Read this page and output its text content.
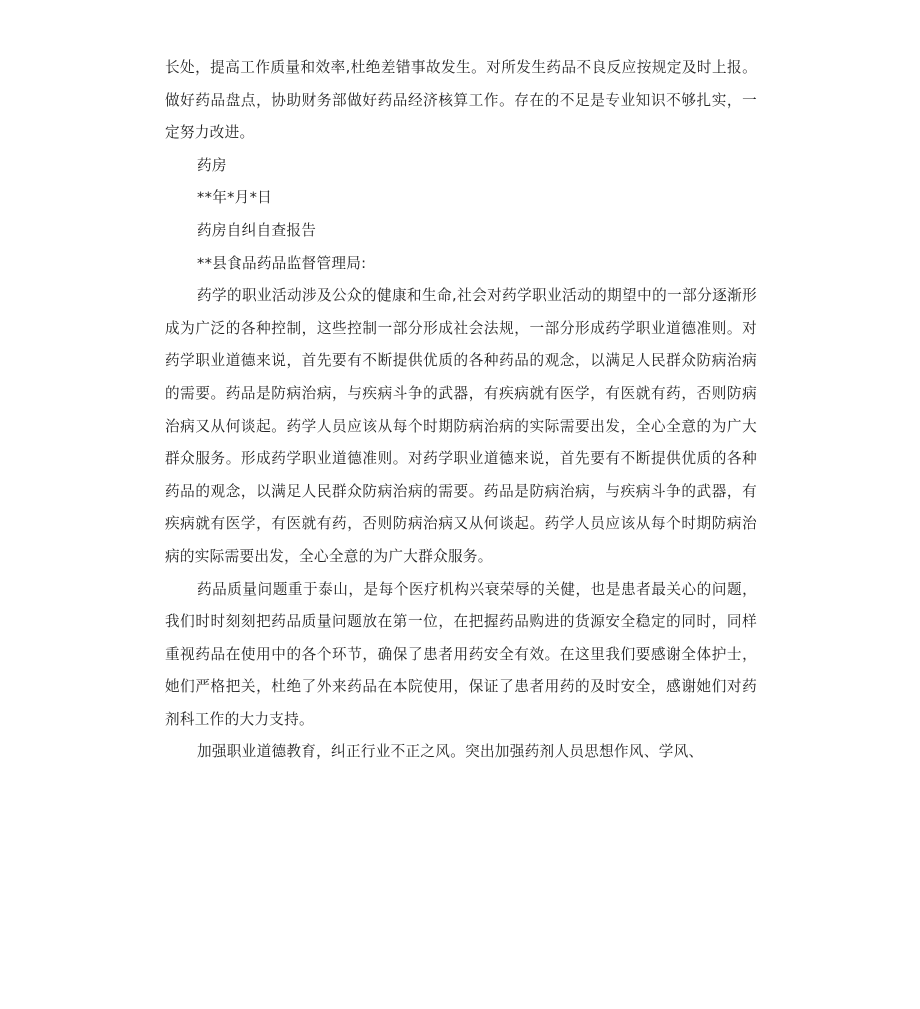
长处，提高工作质量和效率,杜绝差错事故发生。对所发生药品不良反应按规定及时上报。做好药品盘点，协助财务部做好药品经济核算工作。存在的不足是专业知识不够扎实，一定努力改进。

药房

**年*月*日

药房自纠自查报告

**县食品药品监督管理局:

药学的职业活动涉及公众的健康和生命,社会对药学职业活动的期望中的一部分逐渐形成为广泛的各种控制，这些控制一部分形成社会法规，一部分形成药学职业道德准则。对药学职业道德来说，首先要有不断提供优质的各种药品的观念，以满足人民群众防病治病的需要。药品是防病治病，与疾病斗争的武器，有疾病就有医学，有医就有药，否则防病治病又从何谈起。药学人员应该从每个时期防病治病的实际需要出发，全心全意的为广大群众服务。形成药学职业道德准则。对药学职业道德来说，首先要有不断提供优质的各种药品的观念，以满足人民群众防病治病的需要。药品是防病治病，与疾病斗争的武器，有疾病就有医学，有医就有药，否则防病治病又从何谈起。药学人员应该从每个时期防病治病的实际需要出发，全心全意的为广大群众服务。

药品质量问题重于泰山，是每个医疗机构兴衰荣辱的关健，也是患者最关心的问题，我们时时刻刻把药品质量问题放在第一位，在把握药品购进的货源安全稳定的同时，同样重视药品在使用中的各个环节，确保了患者用药安全有效。在这里我们要感谢全体护士，她们严格把关，杜绝了外来药品在本院使用，保证了患者用药的及时安全，感谢她们对药剂科工作的大力支持。

加强职业道德教育，纠正行业不正之风。突出加强药剂人员思想作风、学风、
